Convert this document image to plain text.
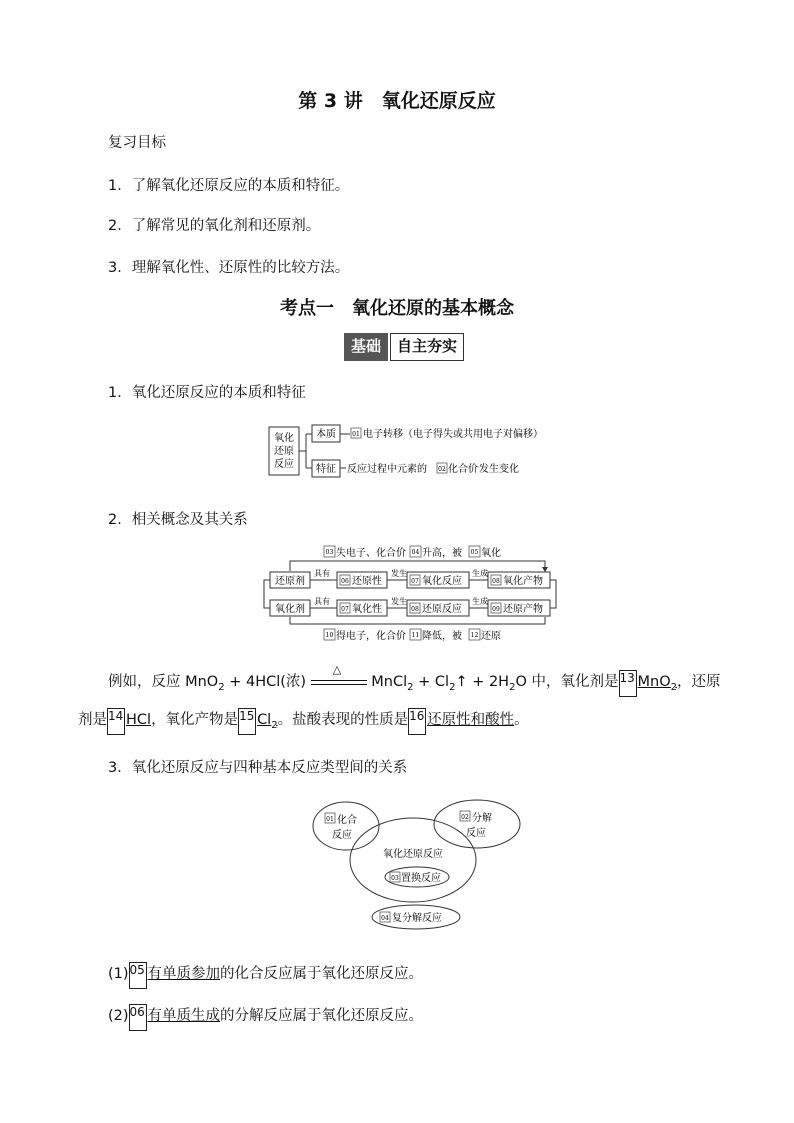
第 3 讲　氧化还原反应
复习目标
1．了解氧化还原反应的本质和特征。
2．了解常见的氧化剂和还原剂。
3．理解氧化性、还原性的比较方法。
考点一　氧化还原的基本概念
基础	自主夯实
1．氧化还原反应的本质和特征
氧化
还原
反应
本质	01 电子转移（电子得失或共用电子对偏移）
特征 反应过程中元素的 02 化合价 发生变化
2．相关概念及其关系
03 失电子、化合价 04 升高，被 05 氧化
还原剂
具有
06 还原性
发生
07 氧化反应
生成
08 氧化产物
氧化剂
具有
07 氧化性
发生
08 还原反应
生成
09 还原产物
10 得电子，化合价 11 降低，被 12 还原
例如，反应 MnO$_2$ + 4HCl(浓)
△
MnCl$_2$ + $Cl_2↑ + 2H_2O$ 中，氧化剂是13 MnO$_2$，还原
剂是14 HCl，氧化产物是15 $Cl_2$。盐酸表现的性质是16 还原性和酸性。
3．氧化还原反应与四种基本反应类型间的关系
01 化合
反应
02 分解
反应
氧化还原反应
03 置换反应
04 复分解反应
(1)05 有单质参加的化合反应属于氧化还原反应。
(2)06 有单质生成的分解反应属于氧化还原反应。
